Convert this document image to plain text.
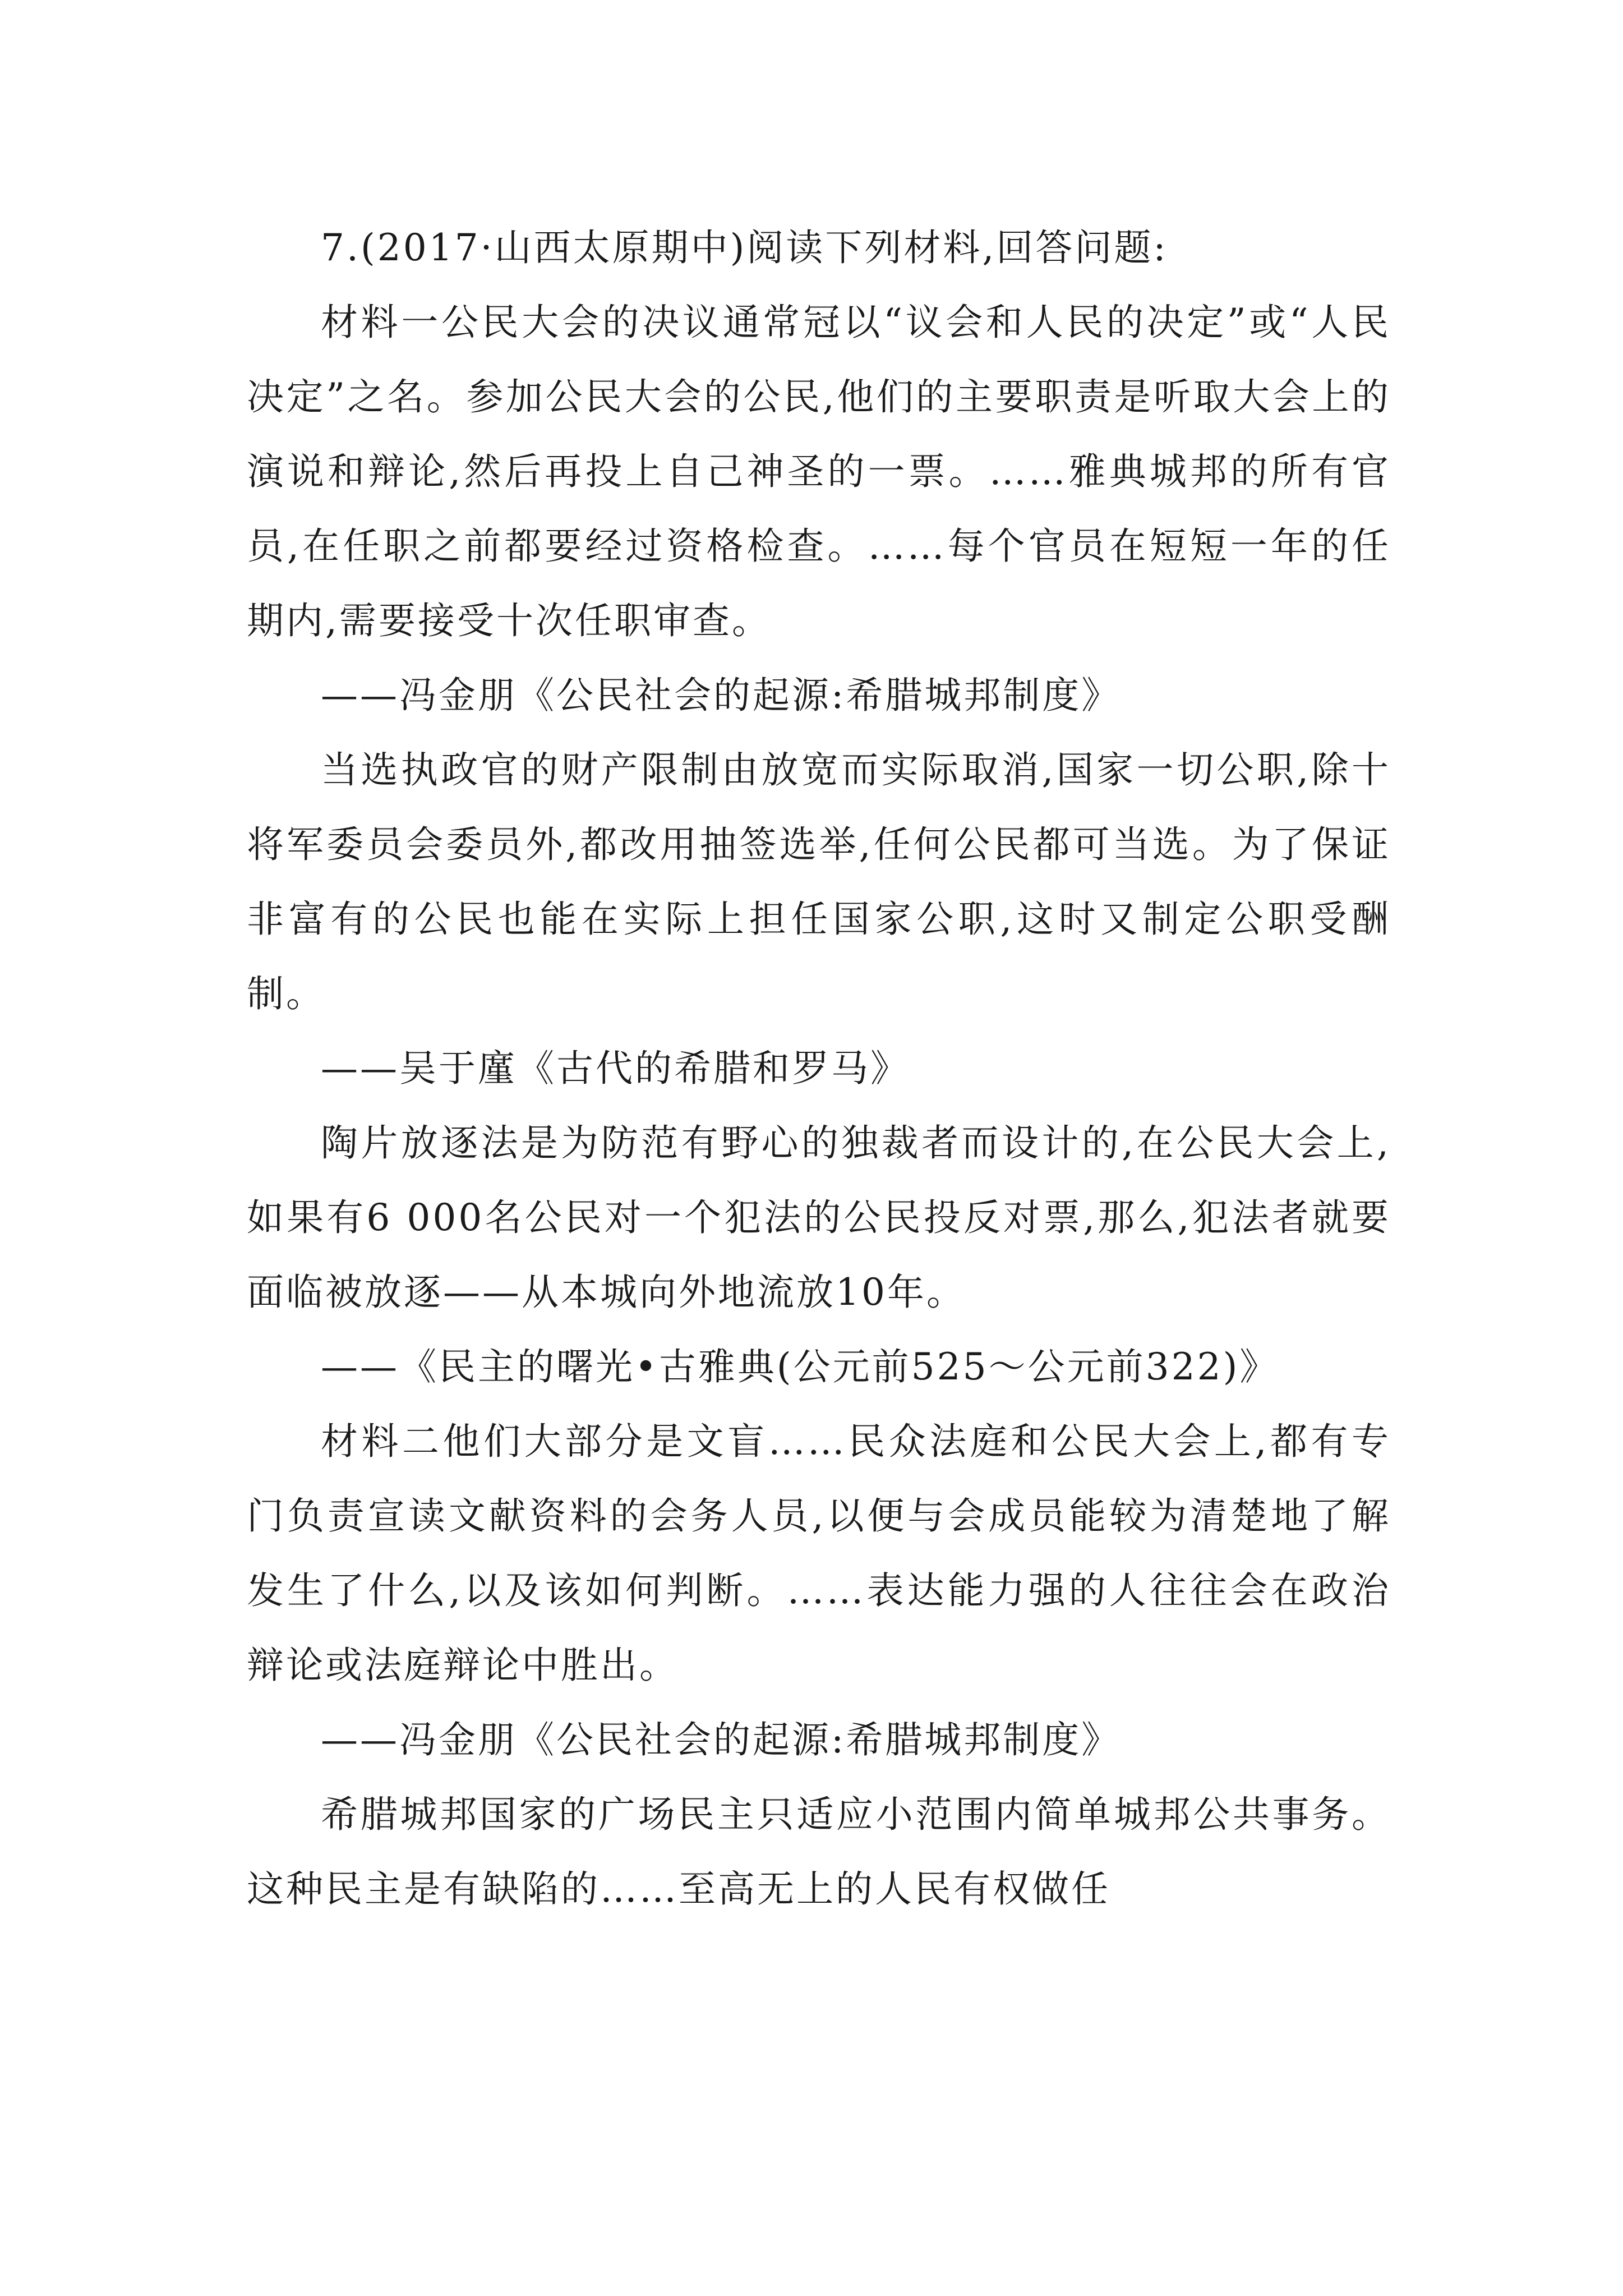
7.(2017·山西太原期中)阅读下列材料,回答问题:

材料一公民大会的决议通常冠以“议会和人民的决定”或“人民决定”之名。参加公民大会的公民,他们的主要职责是听取大会上的演说和辩论,然后再投上自己神圣的一票。……雅典城邦的所有官员,在任职之前都要经过资格检查。……每个官员在短短一年的任期内,需要接受十次任职审查。

——冯金朋《公民社会的起源:希腊城邦制度》

当选执政官的财产限制由放宽而实际取消,国家一切公职,除十将军委员会委员外,都改用抽签选举,任何公民都可当选。为了保证非富有的公民也能在实际上担任国家公职,这时又制定公职受酬制。

——吴于廑《古代的希腊和罗马》

陶片放逐法是为防范有野心的独裁者而设计的,在公民大会上,如果有6 000名公民对一个犯法的公民投反对票,那么,犯法者就要面临被放逐——从本城向外地流放10年。

——《民主的曙光•古雅典(公元前525～公元前322)》

材料二他们大部分是文盲……民众法庭和公民大会上,都有专门负责宣读文献资料的会务人员,以便与会成员能较为清楚地了解发生了什么,以及该如何判断。……表达能力强的人往往会在政治辩论或法庭辩论中胜出。

——冯金朋《公民社会的起源:希腊城邦制度》

希腊城邦国家的广场民主只适应小范围内简单城邦公共事务。这种民主是有缺陷的……至高无上的人民有权做任
